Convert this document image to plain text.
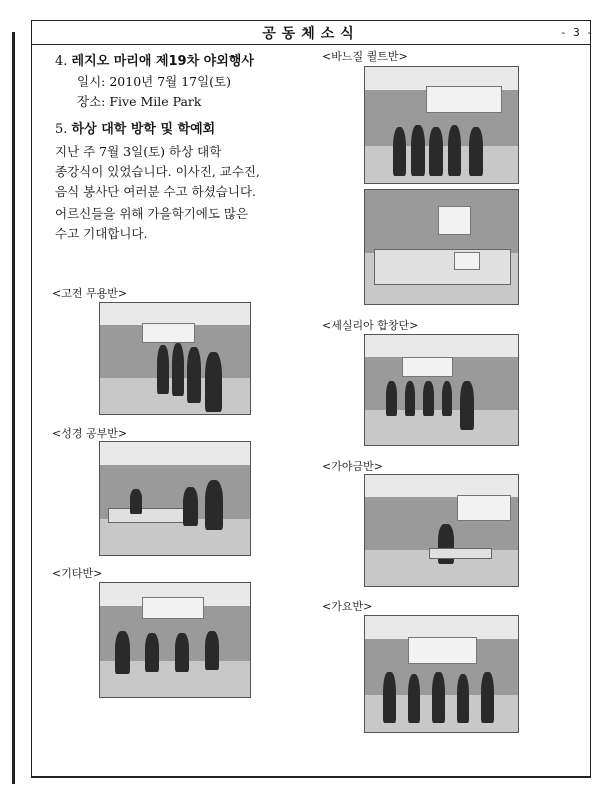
공동체소식	- 3 -
4. 레지오 마리애 제19차 야외행사
일시: 2010년 7월 17일(토)
장소: Five Mile Park
5. 하상 대학 방학 및 학예회
지난 주 7월 3일(토) 하상 대학
종강식이 있었습니다. 이사진, 교수진,
음식 봉사단 여러분 수고 하셨습니다.
어르신들을 위해 가을학기에도 많은
수고 기대합니다.
<고전 무용반>
<성경 공부반>
<기타반>
<바느질 퀼트반>
<세실리아 합창단>
<가야금반>
<가요반>
